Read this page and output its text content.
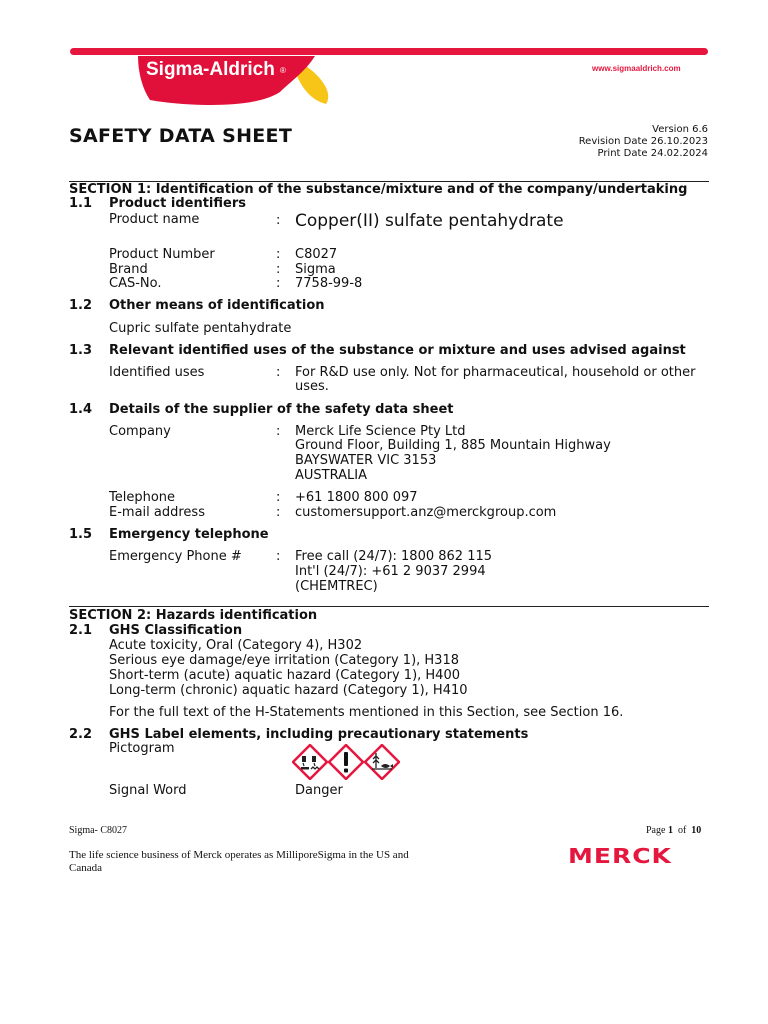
Sigma-Aldrich ®	www.sigmaaldrich.com
SAFETY DATA SHEET	Version 6.6
Revision Date 26.10.2023
Print Date 24.02.2024
SECTION 1: Identification of the substance/mixture and of the company/undertaking
1.1 Product identifiers
Product name	: Copper(II) sulfate pentahydrate
Product Number	: C8027
Brand	: Sigma
CAS-No.	: 7758-99-8
1.2 Other means of identification
Cupric sulfate pentahydrate
1.3 Relevant identified uses of the substance or mixture and uses advised against
Identified uses	: For R&D use only. Not for pharmaceutical, household or other
uses.
1.4 Details of the supplier of the safety data sheet
Company	: Merck Life Science Pty Ltd
Ground Floor, Building 1, 885 Mountain Highway
BAYSWATER VIC 3153
AUSTRALIA
Telephone	: +61 1800 800 097
E-mail address	: customersupport.anz@merckgroup.com
1.5 Emergency telephone
Emergency Phone #	: Free call (24/7): 1800 862 115
Int'l (24/7): +61 2 9037 2994
(CHEMTREC)
SECTION 2: Hazards identification
2.1 GHS Classification
Acute toxicity, Oral (Category 4), H302
Serious eye damage/eye irritation (Category 1), H318
Short-term (acute) aquatic hazard (Category 1), H400
Long-term (chronic) aquatic hazard (Category 1), H410
For the full text of the H-Statements mentioned in this Section, see Section 16.
2.2 GHS Label elements, including precautionary statements
Pictogram
Signal Word	Danger
Sigma- C8027	Page 1 of 10
The life science business of Merck operates as MilliporeSigma in the US and
Canada
MERCK
